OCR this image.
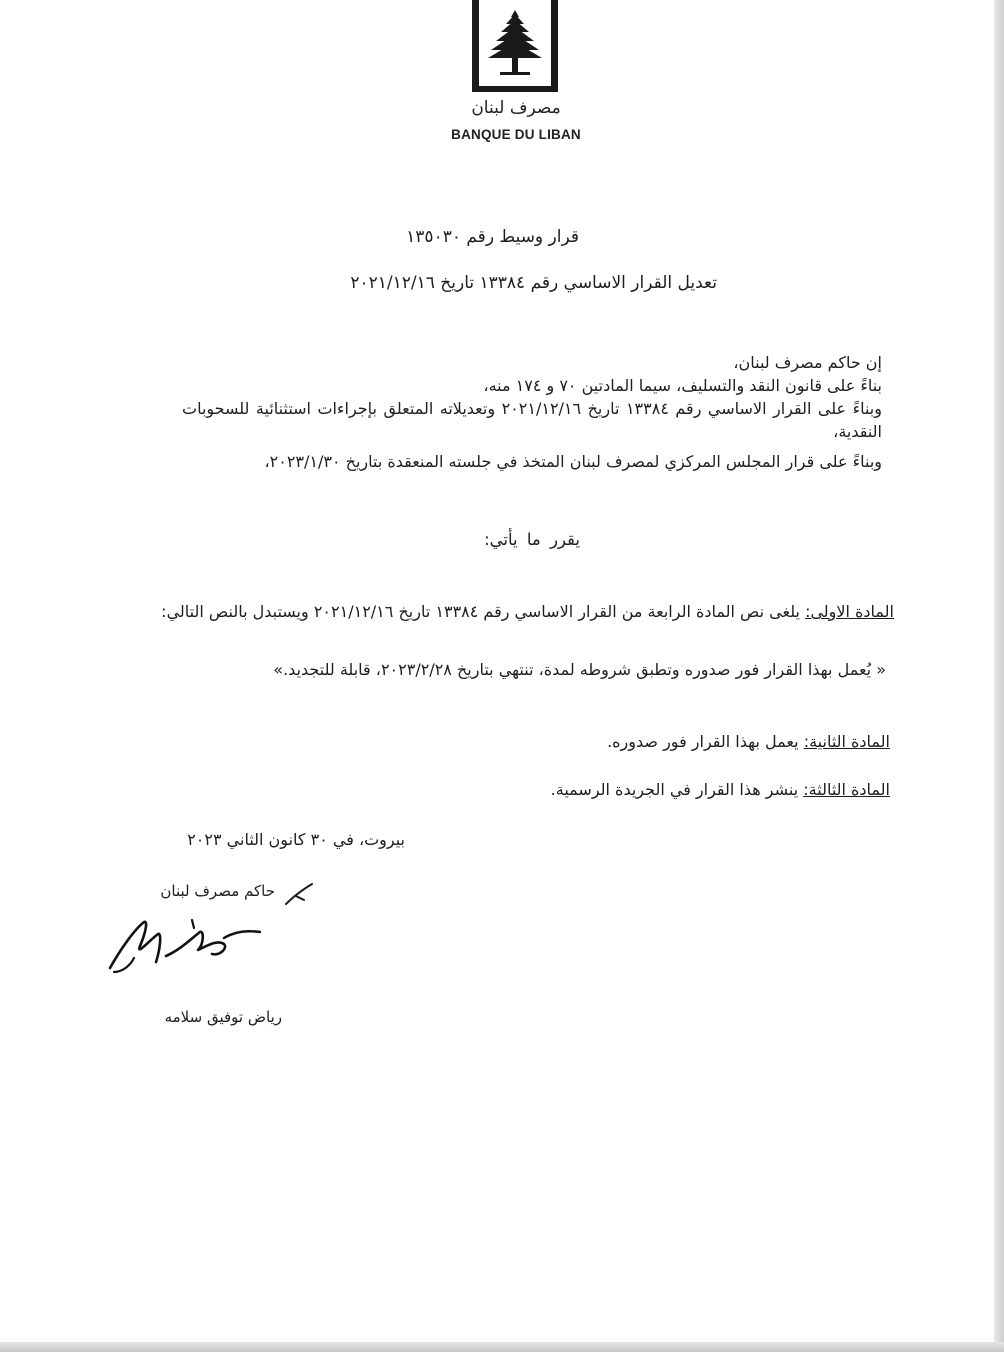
مصرف لبنان
BANQUE DU LIBAN
قرار وسيط رقم ١٣٥٠٣٠
تعديل القرار الاساسي رقم ١٣٣٨٤ تاريخ ٢٠٢١/١٢/١٦
إن حاكم مصرف لبنان،
بناءً على قانون النقد والتسليف، سيما المادتين ٧٠ و ١٧٤ منه،
وبناءً على القرار الاساسي رقم ١٣٣٨٤ تاريخ ٢٠٢١/١٢/١٦ وتعديلاته المتعلق بإجراءات استثنائية للسحوبات النقدية،
وبناءً على قرار المجلس المركزي لمصرف لبنان المتخذ في جلسته المنعقدة بتاريخ ٢٠٢٣/١/٣٠،
يقرر ما يأتي:
المادة الاولى: يلغى نص المادة الرابعة من القرار الاساسي رقم ١٣٣٨٤ تاريخ ٢٠٢١/١٢/١٦ ويستبدل بالنص التالي:
« يُعمل بهذا القرار فور صدوره وتطبق شروطه لمدة، تنتهي بتاريخ ٢٠٢٣/٢/٢٨، قابلة للتجديد.»
المادة الثانية: يعمل بهذا القرار فور صدوره.
المادة الثالثة: ينشر هذا القرار في الجريدة الرسمية.
بيروت، في ٣٠ كانون الثاني ٢٠٢٣
حاكم مصرف لبنان
رياض توفيق سلامه
